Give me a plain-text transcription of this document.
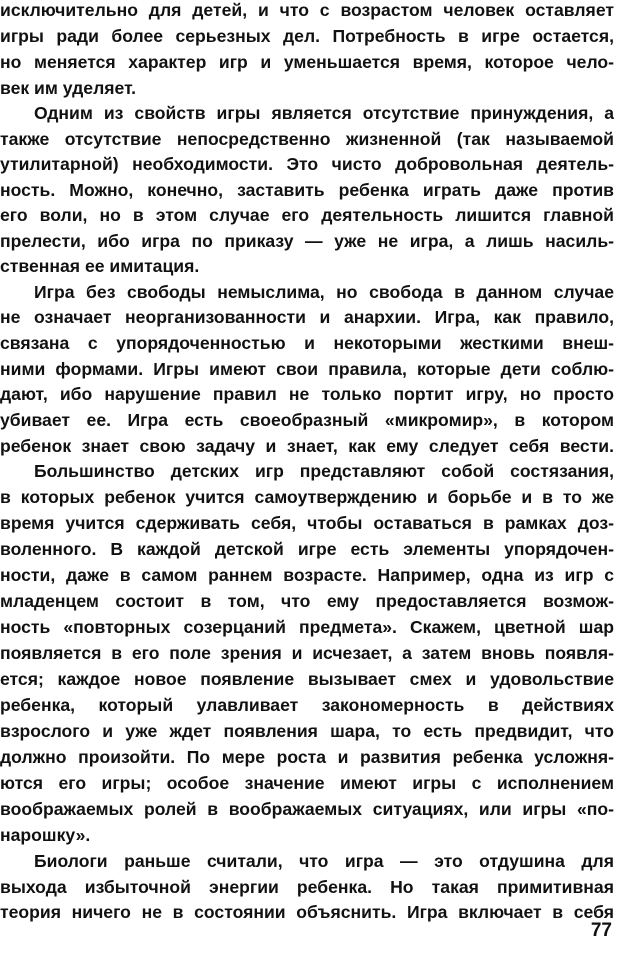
исключительно для детей, и что с возрастом человек оставляет
игры ради более серьезных дел. Потребность в игре остается,
но меняется характер игр и уменьшается время, которое чело-
век им уделяет.
Одним из свойств игры является отсутствие принуждения, а
также отсутствие непосредственно жизненной (так называемой
утилитарной) необходимости. Это чисто добровольная деятель-
ность. Можно, конечно, заставить ребенка играть даже против
его воли, но в этом случае его деятельность лишится главной
прелести, ибо игра по приказу — уже не игра, а лишь насиль-
ственная ее имитация.
Игра без свободы немыслима, но свобода в данном случае
не означает неорганизованности и анархии. Игра, как правило,
связана с упорядоченностью и некоторыми жесткими внеш-
ними формами. Игры имеют свои правила, которые дети соблю-
дают, ибо нарушение правил не только портит игру, но просто
убивает ее. Игра есть своеобразный «микромир», в котором
ребенок знает свою задачу и знает, как ему следует себя вести.
Большинство детских игр представляют собой состязания,
в которых ребенок учится самоутверждению и борьбе и в то же
время учится сдерживать себя, чтобы оставаться в рамках доз-
воленного. В каждой детской игре есть элементы упорядочен-
ности, даже в самом раннем возрасте. Например, одна из игр с
младенцем состоит в том, что ему предоставляется возмож-
ность «повторных созерцаний предмета». Скажем, цветной шар
появляется в его поле зрения и исчезает, а затем вновь появля-
ется; каждое новое появление вызывает смех и удовольствие
ребенка, который улавливает закономерность в действиях
взрослого и уже ждет появления шара, то есть предвидит, что
должно произойти. По мере роста и развития ребенка усложня-
ются его игры; особое значение имеют игры с исполнением
воображаемых ролей в воображаемых ситуациях, или игры «по-
нарошку».
Биологи раньше считали, что игра — это отдушина для
выхода избыточной энергии ребенка. Но такая примитивная
теория ничего не в состоянии объяснить. Игра включает в себя
77
